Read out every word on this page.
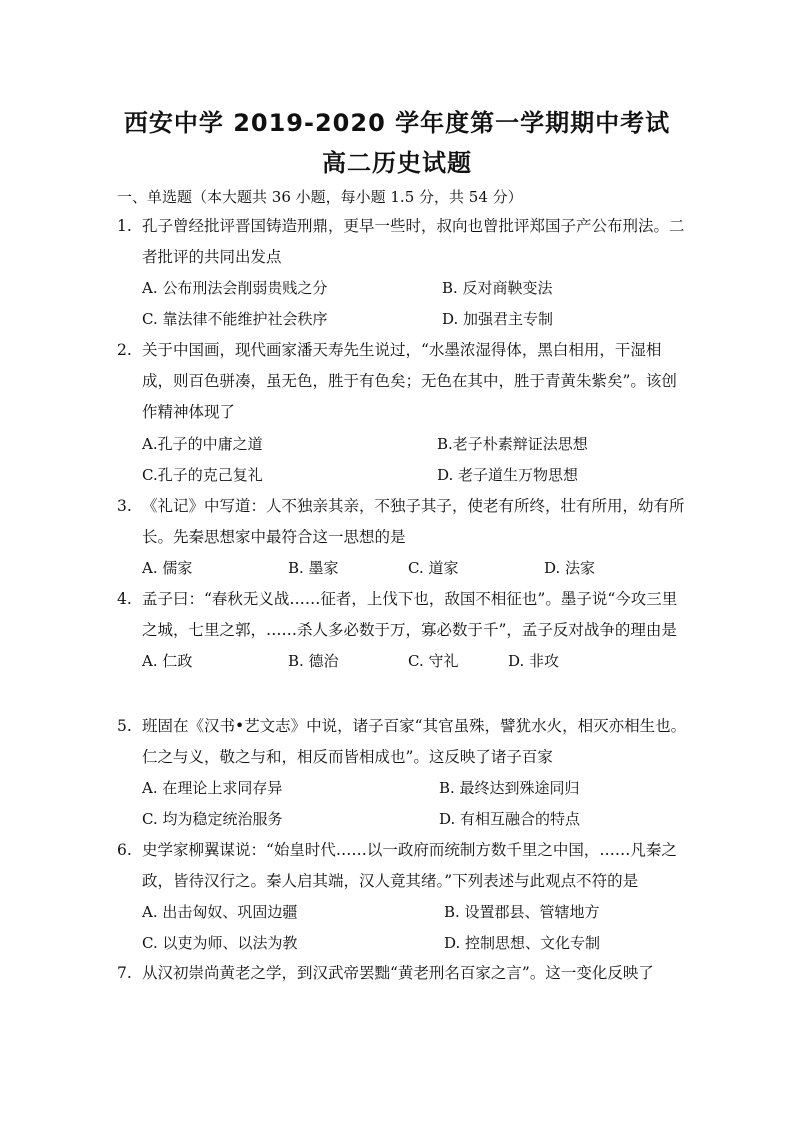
西安中学 2019-2020 学年度第一学期期中考试
高二历史试题
一、单选题（本大题共 36 小题，每小题 1.5 分，共 54 分）
1. 孔子曾经批评晋国铸造刑鼎，更早一些时，叔向也曾批评郑国子产公布刑法。二者批评的共同出发点
A. 公布刑法会削弱贵贱之分	B. 反对商鞅变法
C. 靠法律不能维护社会秩序	D. 加强君主专制
2. 关于中国画，现代画家潘天寿先生说过，“水墨浓湿得体，黑白相用，干湿相成，则百色骈凑，虽无色，胜于有色矣；无色在其中，胜于青黄朱紫矣”。该创作精神体现了
A.孔子的中庸之道	B.老子朴素辩证法思想
C.孔子的克己复礼	D. 老子道生万物思想
3. 《礼记》中写道：人不独亲其亲，不独子其子，使老有所终，壮有所用，幼有所长。先秦思想家中最符合这一思想的是
A. 儒家	B. 墨家	C. 道家	D. 法家
4. 孟子曰：“春秋无义战……征者，上伐下也，敌国不相征也”。墨子说“今攻三里之城，七里之郭，……杀人多必数于万，寡必数于千”，孟子反对战争的理由是
A. 仁政	B. 德治	C. 守礼	D. 非攻
5. 班固在《汉书•艺文志》中说，诸子百家“其官虽殊，譬犹水火，相灭亦相生也。仁之与义，敬之与和，相反而皆相成也”。这反映了诸子百家
A. 在理论上求同存异	B. 最终达到殊途同归
C. 均为稳定统治服务	D. 有相互融合的特点
6. 史学家柳翼谋说：“始皇时代……以一政府而统制方数千里之中国，……凡秦之政，皆待汉行之。秦人启其端，汉人竟其绪。”下列表述与此观点不符的是
A. 出击匈奴、巩固边疆	B. 设置郡县、管辖地方
C. 以吏为师、以法为教	D. 控制思想、文化专制
7. 从汉初崇尚黄老之学，到汉武帝罢黜“黄老刑名百家之言”。这一变化反映了
